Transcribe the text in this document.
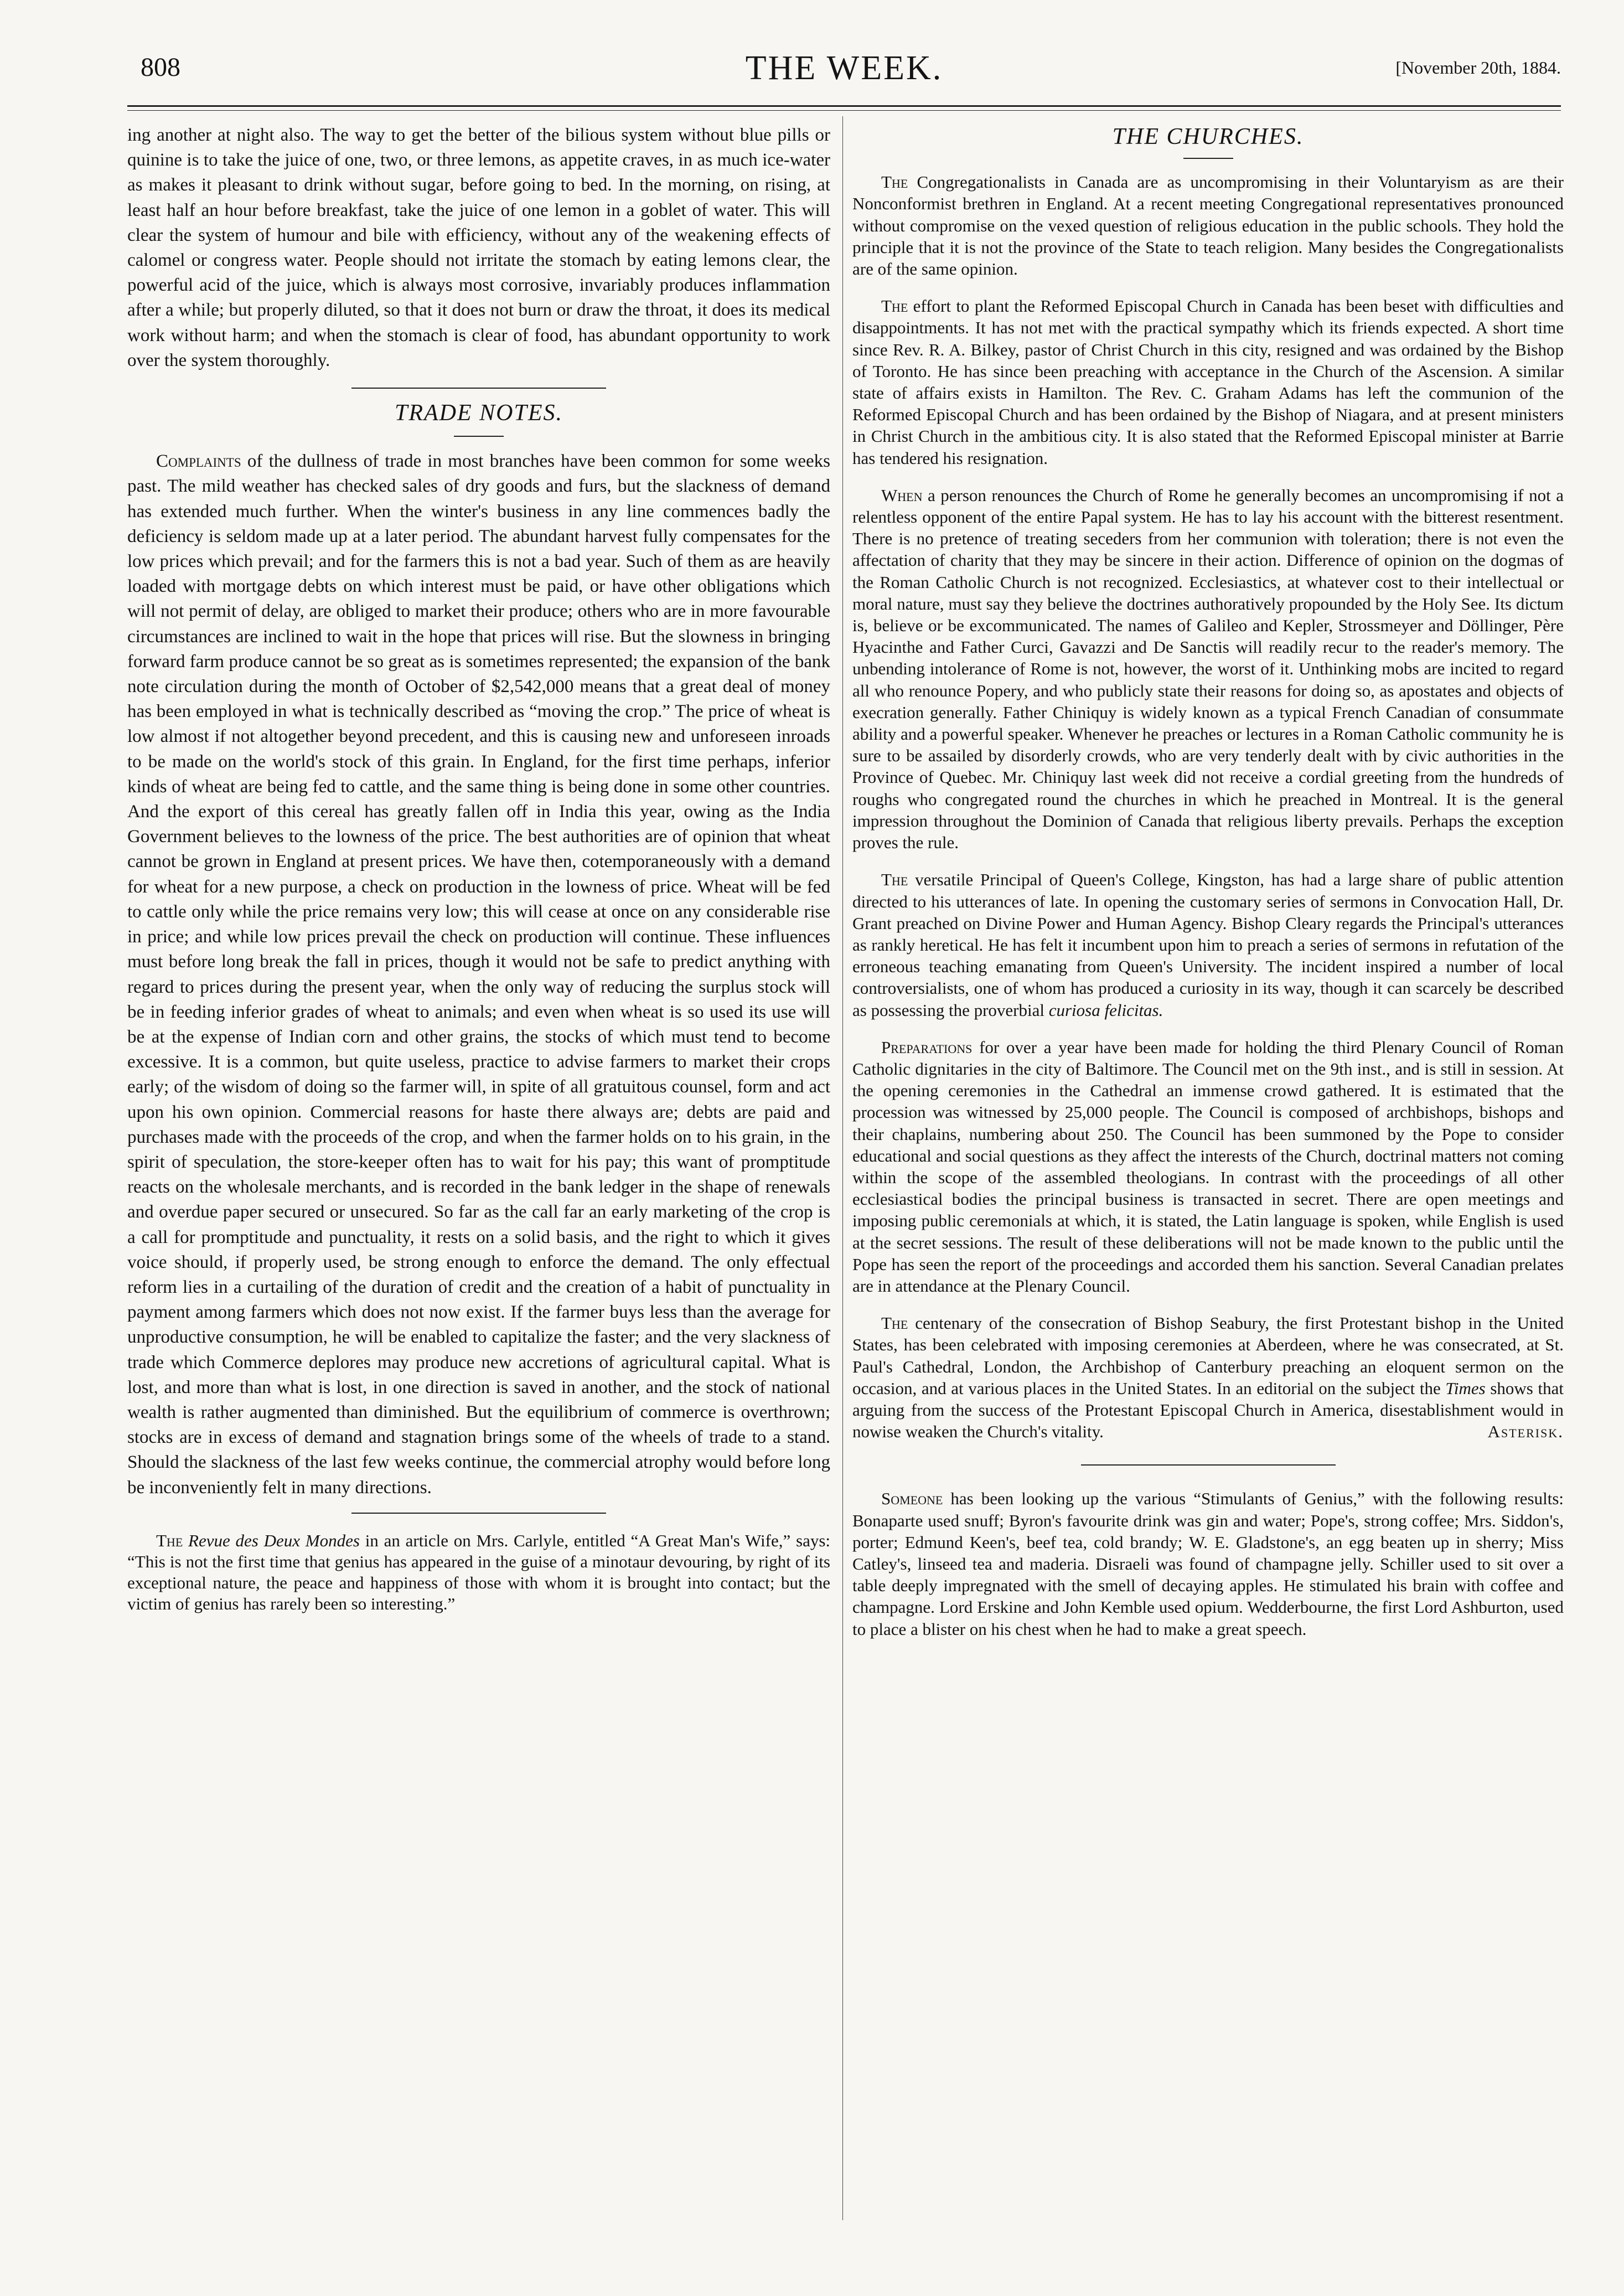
808	THE WEEK.	[November 20th, 1884.

ing another at night also. The way to get the better of the bilious system without blue pills or quinine is to take the juice of one, two, or three lemons, as appetite craves, in as much ice-water as makes it pleasant to drink without sugar, before going to bed. In the morning, on rising, at least half an hour before breakfast, take the juice of one lemon in a goblet of water. This will clear the system of humour and bile with efficiency, without any of the weakening effects of calomel or congress water. People should not irritate the stomach by eating lemons clear, the powerful acid of the juice, which is always most corrosive, invariably produces inflammation after a while; but properly diluted, so that it does not burn or draw the throat, it does its medical work without harm; and when the stomach is clear of food, has abundant opportunity to work over the system thoroughly.

TRADE NOTES.

Complaints of the dullness of trade in most branches have been common for some weeks past. The mild weather has checked sales of dry goods and furs, but the slackness of demand has extended much further. When the winter's business in any line commences badly the deficiency is seldom made up at a later period. The abundant harvest fully compensates for the low prices which prevail; and for the farmers this is not a bad year. Such of them as are heavily loaded with mortgage debts on which interest must be paid, or have other obligations which will not permit of delay, are obliged to market their produce; others who are in more favourable circumstances are inclined to wait in the hope that prices will rise. But the slowness in bringing forward farm produce cannot be so great as is sometimes represented; the expansion of the bank note circulation during the month of October of $2,542,000 means that a great deal of money has been employed in what is technically described as “moving the crop.” The price of wheat is low almost if not altogether beyond precedent, and this is causing new and unforeseen inroads to be made on the world's stock of this grain. In England, for the first time perhaps, inferior kinds of wheat are being fed to cattle, and the same thing is being done in some other countries. And the export of this cereal has greatly fallen off in India this year, owing as the India Government believes to the lowness of the price. The best authorities are of opinion that wheat cannot be grown in England at present prices. We have then, cotemporaneously with a demand for wheat for a new purpose, a check on production in the lowness of price. Wheat will be fed to cattle only while the price remains very low; this will cease at once on any considerable rise in price; and while low prices prevail the check on production will continue. These influences must before long break the fall in prices, though it would not be safe to predict anything with regard to prices during the present year, when the only way of reducing the surplus stock will be in feeding inferior grades of wheat to animals; and even when wheat is so used its use will be at the expense of Indian corn and other grains, the stocks of which must tend to become excessive. It is a common, but quite useless, practice to advise farmers to market their crops early; of the wisdom of doing so the farmer will, in spite of all gratuitous counsel, form and act upon his own opinion. Commercial reasons for haste there always are; debts are paid and purchases made with the proceeds of the crop, and when the farmer holds on to his grain, in the spirit of speculation, the store-keeper often has to wait for his pay; this want of promptitude reacts on the wholesale merchants, and is recorded in the bank ledger in the shape of renewals and overdue paper secured or unsecured. So far as the call far an early marketing of the crop is a call for promptitude and punctuality, it rests on a solid basis, and the right to which it gives voice should, if properly used, be strong enough to enforce the demand. The only effectual reform lies in a curtailing of the duration of credit and the creation of a habit of punctuality in payment among farmers which does not now exist. If the farmer buys less than the average for unproductive consumption, he will be enabled to capitalize the faster; and the very slackness of trade which Commerce deplores may produce new accretions of agricultural capital. What is lost, and more than what is lost, in one direction is saved in another, and the stock of national wealth is rather augmented than diminished. But the equilibrium of commerce is overthrown; stocks are in excess of demand and stagnation brings some of the wheels of trade to a stand. Should the slackness of the last few weeks continue, the commercial atrophy would before long be inconveniently felt in many directions.

The Revue des Deux Mondes in an article on Mrs. Carlyle, entitled “A Great Man's Wife,” says: “This is not the first time that genius has appeared in the guise of a minotaur devouring, by right of its exceptional nature, the peace and happiness of those with whom it is brought into contact; but the victim of genius has rarely been so interesting.”

THE CHURCHES.

The Congregationalists in Canada are as uncompromising in their Voluntaryism as are their Nonconformist brethren in England. At a recent meeting Congregational representatives pronounced without compromise on the vexed question of religious education in the public schools. They hold the principle that it is not the province of the State to teach religion. Many besides the Congregationalists are of the same opinion.

The effort to plant the Reformed Episcopal Church in Canada has been beset with difficulties and disappointments. It has not met with the practical sympathy which its friends expected. A short time since Rev. R. A. Bilkey, pastor of Christ Church in this city, resigned and was ordained by the Bishop of Toronto. He has since been preaching with acceptance in the Church of the Ascension. A similar state of affairs exists in Hamilton. The Rev. C. Graham Adams has left the communion of the Reformed Episcopal Church and has been ordained by the Bishop of Niagara, and at present ministers in Christ Church in the ambitious city. It is also stated that the Reformed Episcopal minister at Barrie has tendered his resignation.

When a person renounces the Church of Rome he generally becomes an uncompromising if not a relentless opponent of the entire Papal system. He has to lay his account with the bitterest resentment. There is no pretence of treating seceders from her communion with toleration; there is not even the affectation of charity that they may be sincere in their action. Difference of opinion on the dogmas of the Roman Catholic Church is not recognized. Ecclesiastics, at whatever cost to their intellectual or moral nature, must say they believe the doctrines authoratively propounded by the Holy See. Its dictum is, believe or be excommunicated. The names of Galileo and Kepler, Strossmeyer and Döllinger, Père Hyacinthe and Father Curci, Gavazzi and De Sanctis will readily recur to the reader's memory. The unbending intolerance of Rome is not, however, the worst of it. Unthinking mobs are incited to regard all who renounce Popery, and who publicly state their reasons for doing so, as apostates and objects of execration generally. Father Chiniquy is widely known as a typical French Canadian of consummate ability and a powerful speaker. Whenever he preaches or lectures in a Roman Catholic community he is sure to be assailed by disorderly crowds, who are very tenderly dealt with by civic authorities in the Province of Quebec. Mr. Chiniquy last week did not receive a cordial greeting from the hundreds of roughs who congregated round the churches in which he preached in Montreal. It is the general impression throughout the Dominion of Canada that religious liberty prevails. Perhaps the exception proves the rule.

The versatile Principal of Queen's College, Kingston, has had a large share of public attention directed to his utterances of late. In opening the customary series of sermons in Convocation Hall, Dr. Grant preached on Divine Power and Human Agency. Bishop Cleary regards the Principal's utterances as rankly heretical. He has felt it incumbent upon him to preach a series of sermons in refutation of the erroneous teaching emanating from Queen's University. The incident inspired a number of local controversialists, one of whom has produced a curiosity in its way, though it can scarcely be described as possessing the proverbial curiosa felicitas.

Preparations for over a year have been made for holding the third Plenary Council of Roman Catholic dignitaries in the city of Baltimore. The Council met on the 9th inst., and is still in session. At the opening ceremonies in the Cathedral an immense crowd gathered. It is estimated that the procession was witnessed by 25,000 people. The Council is composed of archbishops, bishops and their chaplains, numbering about 250. The Council has been summoned by the Pope to consider educational and social questions as they affect the interests of the Church, doctrinal matters not coming within the scope of the assembled theologians. In contrast with the proceedings of all other ecclesiastical bodies the principal business is transacted in secret. There are open meetings and imposing public ceremonials at which, it is stated, the Latin language is spoken, while English is used at the secret sessions. The result of these deliberations will not be made known to the public until the Pope has seen the report of the proceedings and accorded them his sanction. Several Canadian prelates are in attendance at the Plenary Council.

The centenary of the consecration of Bishop Seabury, the first Protestant bishop in the United States, has been celebrated with imposing ceremonies at Aberdeen, where he was consecrated, at St. Paul's Cathedral, London, the Archbishop of Canterbury preaching an eloquent sermon on the occasion, and at various places in the United States. In an editorial on the subject the Times shows that arguing from the success of the Protestant Episcopal Church in America, disestablishment would in nowise weaken the Church's vitality.	Asterisk.

Someone has been looking up the various “Stimulants of Genius,” with the following results: Bonaparte used snuff; Byron's favourite drink was gin and water; Pope's, strong coffee; Mrs. Siddon's, porter; Edmund Keen's, beef tea, cold brandy; W. E. Gladstone's, an egg beaten up in sherry; Miss Catley's, linseed tea and maderia. Disraeli was found of champagne jelly. Schiller used to sit over a table deeply impregnated with the smell of decaying apples. He stimulated his brain with coffee and champagne. Lord Erskine and John Kemble used opium. Wedderbourne, the first Lord Ashburton, used to place a blister on his chest when he had to make a great speech.
